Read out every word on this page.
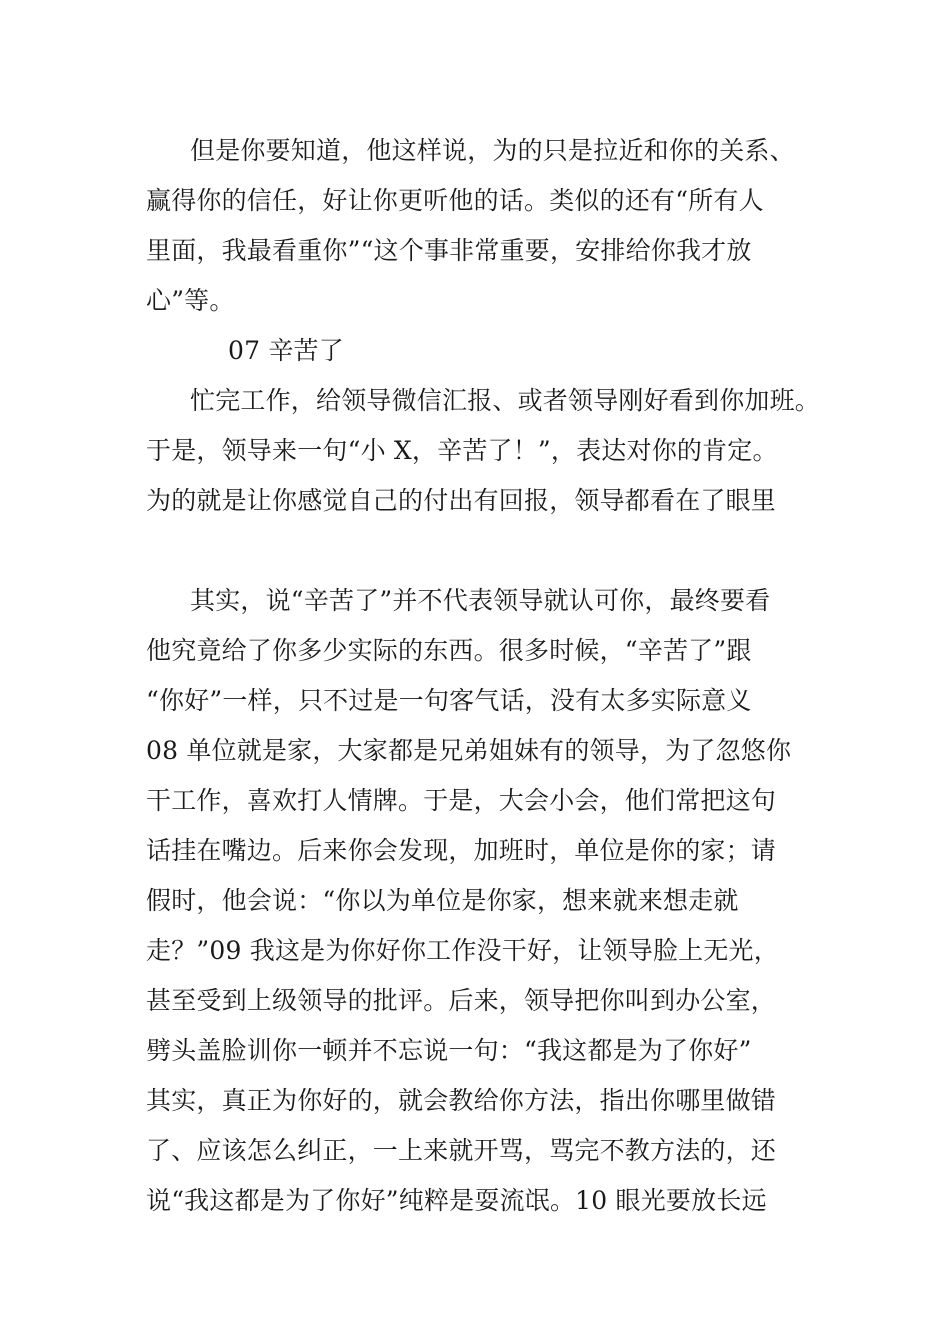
但是你要知道，他这样说，为的只是拉近和你的关系、
赢得你的信任，好让你更听他的话。类似的还有“所有人
里面，我最看重你”“这个事非常重要，安排给你我才放
心”等。
07 辛苦了
忙完工作，给领导微信汇报、或者领导刚好看到你加班。
于是，领导来一句“小 X，辛苦了！”，表达对你的肯定。
为的就是让你感觉自己的付出有回报，领导都看在了眼里
其实，说“辛苦了”并不代表领导就认可你，最终要看
他究竟给了你多少实际的东西。很多时候，“辛苦了”跟
“你好”一样，只不过是一句客气话，没有太多实际意义
08 单位就是家，大家都是兄弟姐妹有的领导，为了忽悠你
干工作，喜欢打人情牌。于是，大会小会，他们常把这句
话挂在嘴边。后来你会发现，加班时，单位是你的家；请
假时，他会说：“你以为单位是你家，想来就来想走就
走？”09 我这是为你好你工作没干好，让领导脸上无光，
甚至受到上级领导的批评。后来，领导把你叫到办公室，
劈头盖脸训你一顿并不忘说一句：“我这都是为了你好”
其实，真正为你好的，就会教给你方法，指出你哪里做错
了、应该怎么纠正，一上来就开骂，骂完不教方法的，还
说“我这都是为了你好”纯粹是耍流氓。10 眼光要放长远
